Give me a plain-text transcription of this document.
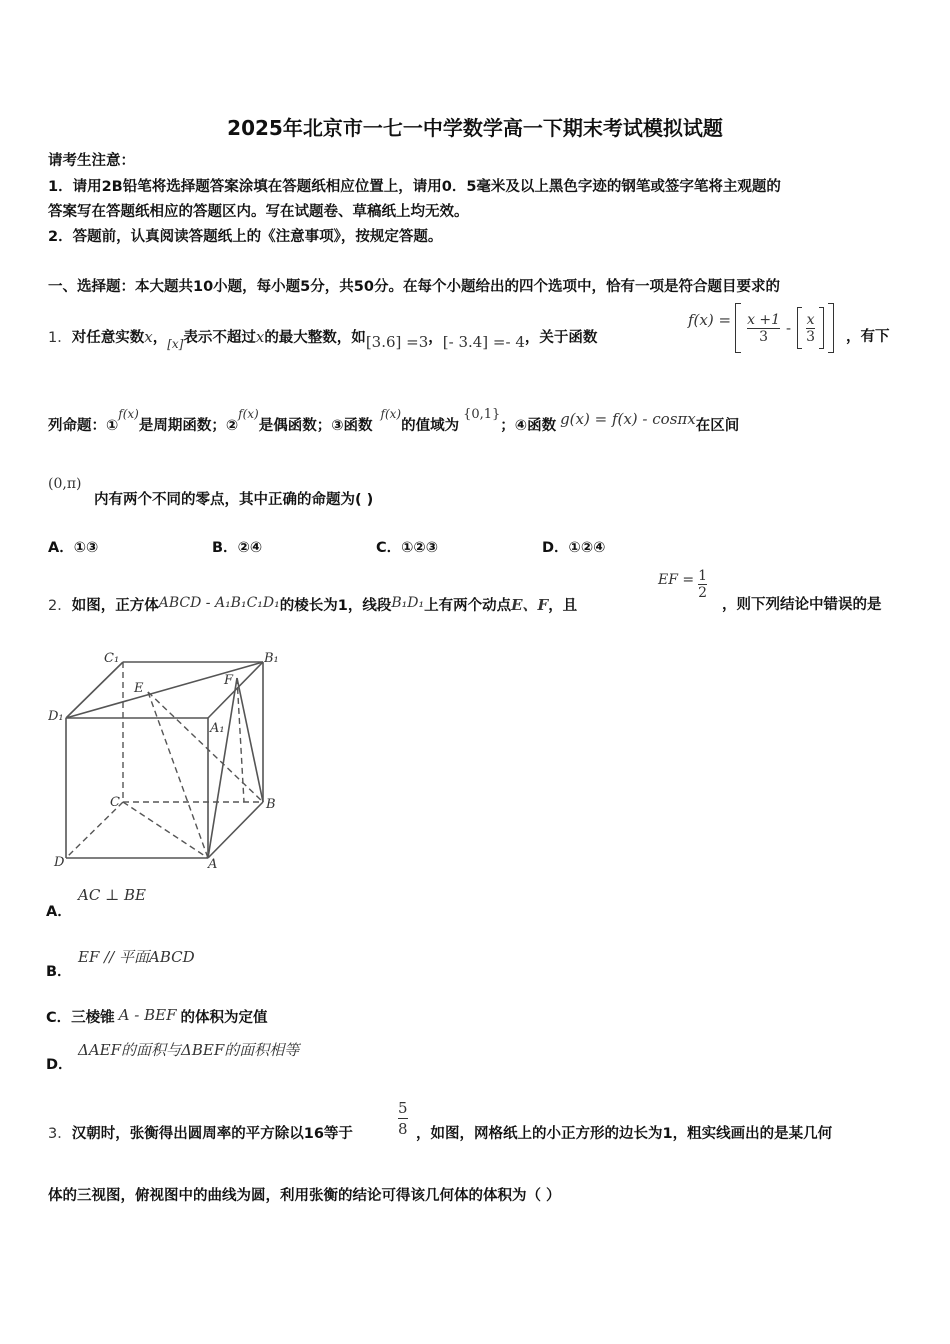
2025年北京市一七一中学数学高一下期末考试模拟试题
请考生注意：
1．请用2B铅笔将选择题答案涂填在答题纸相应位置上，请用0．5毫米及以上黑色字迹的钢笔或签字笔将主观题的
答案写在答题纸相应的答题区内。写在试题卷、草稿纸上均无效。
2．答题前，认真阅读答题纸上的《注意事项》，按规定答题。
一、选择题：本大题共10小题，每小题5分，共50分。在每个小题给出的四个选项中，恰有一项是符合题目要求的
1．对任意实数x，$_{[x]}$表示不超过x的最大整数，如[3.6] =3，[- 3.4] =- 4，关于函数
$f(x) = \frac{x +1}{3} - \frac{x}{3}$ ，有下
列命题：①$^{f(x)}$是周期函数；②$^{f(x)}$是偶函数；③函数$^{f(x)}$的值域为{0,1}；④函数 g(x) = f(x) - cosπx在区间
(0,π)
内有两个不同的零点，其中正确的命题为( )
A．①③	B．②④	C．①②③	D．①②④
2．如图，正方体ABCD - A₁B₁C₁D₁的棱长为1，线段B₁D₁上有两个动点E、F，且
EF = $\frac{1}{2}$
，则下列结论中错误的是
C₁	B₁
E
F
D₁
A₁
C	B
D	A
A．
AC ⊥ BE
B．
EF // 平面ABCD
C．三棱锥 A - BEF 的体积为定值
D．
ΔAEF的面积与ΔBEF的面积相等
3．汉朝时，张衡得出圆周率的平方除以16等于	$\frac{5}{8}$ ，如图，网格纸上的小正方形的边长为1，粗实线画出的是某几何
体的三视图，俯视图中的曲线为圆，利用张衡的结论可得该几何体的体积为（ ）
